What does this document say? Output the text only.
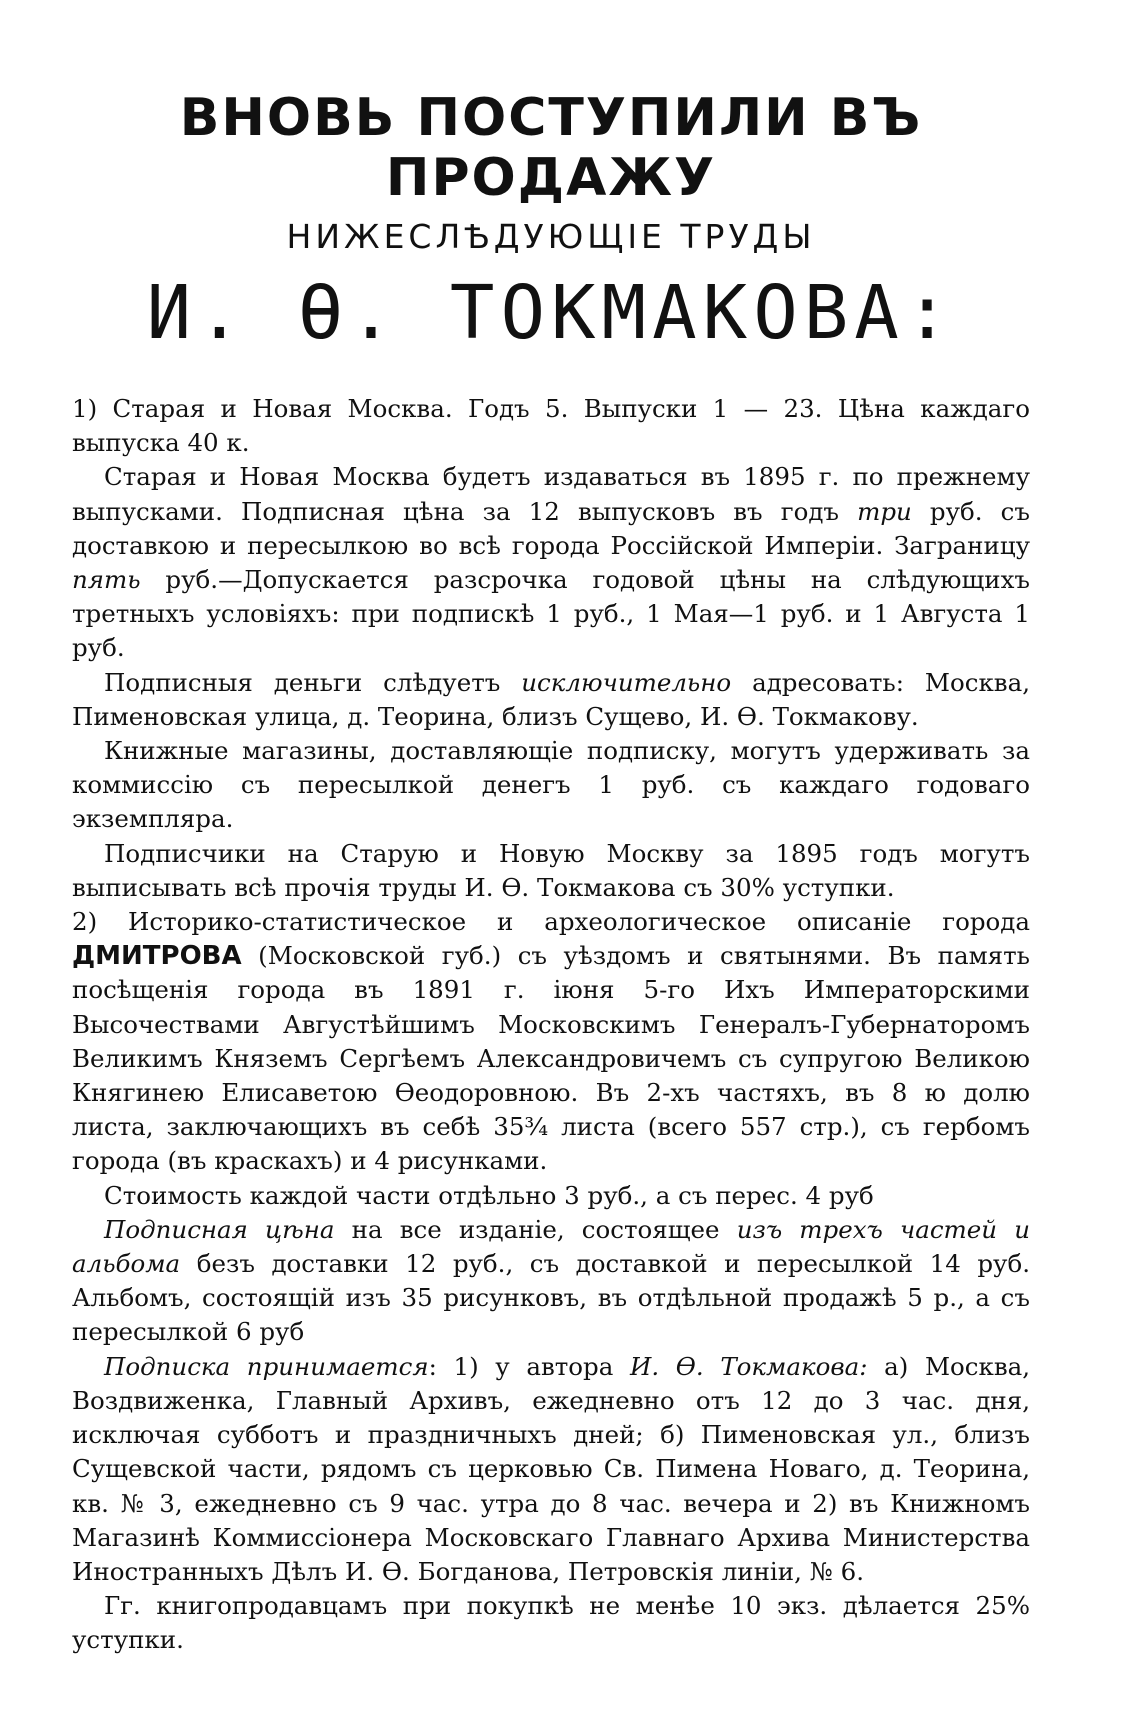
ВНОВЬ ПОСТУПИЛИ ВЪ ПРОДАЖУ
НИЖЕСЛѢДУЮЩІЕ ТРУДЫ
И. Ѳ. ТОКМАКОВА:

1) Старая и Новая Москва. Годъ 5. Выпуски 1 — 23. Цѣна каждаго выпуска 40 к.

Старая и Новая Москва будетъ издаваться въ 1895 г. по прежнему выпусками. Подписная цѣна за 12 выпусковъ въ годъ три руб. съ доставкою и пересылкою во всѣ города Россійской Имперіи. Заграницу пять руб.—Допускается разсрочка годовой цѣны на слѣдующихъ третныхъ условіяхъ: при подпискѣ 1 руб., 1 Мая—1 руб. и 1 Августа 1 руб.

Подписныя деньги слѣдуетъ исключительно адресовать: Москва, Пименовская улица, д. Теорина, близъ Сущево, И. Ѳ. Токмакову.

Книжные магазины, доставляющіе подписку, могутъ удерживать за коммиссію съ пересылкой денегъ 1 руб. съ каждаго годоваго экземпляра.

Подписчики на Старую и Новую Москву за 1895 годъ могутъ выписывать всѣ прочія труды И. Ѳ. Токмакова съ 30% уступки.

2) Историко-статистическое и археологическое описаніе города ДМИТРОВА (Московской губ.) съ уѣздомъ и святынями. Въ память посѣщенія города въ 1891 г. іюня 5-го Ихъ Императорскими Высочествами Августѣйшимъ Московскимъ Генералъ-Губернаторомъ Великимъ Княземъ Сергѣемъ Александровичемъ съ супругою Великою Княгинею Елисаветою Ѳеодоровною. Въ 2-хъ частяхъ, въ 8 ю долю листа, заключающихъ въ себѣ 35¾ листа (всего 557 стр.), съ гербомъ города (въ краскахъ) и 4 рисунками.

Стоимость каждой части отдѣльно 3 руб., а съ перес. 4 руб

Подписная цѣна на все изданіе, состоящее изъ трехъ частей и альбома безъ доставки 12 руб., съ доставкой и пересылкой 14 руб. Альбомъ, состоящій изъ 35 рисунковъ, въ отдѣльной продажѣ 5 р., а съ пересылкой 6 руб

Подписка принимается: 1) у автора И. Ѳ. Токмакова: а) Москва, Воздвиженка, Главный Архивъ, ежедневно отъ 12 до 3 час. дня, исключая субботъ и праздничныхъ дней; б) Пименовская ул., близъ Сущевской части, рядомъ съ церковью Св. Пимена Новаго, д. Теорина, кв. № 3, ежедневно съ 9 час. утра до 8 час. вечера и 2) въ Книжномъ Магазинѣ Коммиссіонера Московскаго Главнаго Архива Министерства Иностранныхъ Дѣлъ И. Ѳ. Богданова, Петровскія линіи, № 6.

Гг. книгопродавцамъ при покупкѣ не менѣе 10 экз. дѣлается 25% уступки.
